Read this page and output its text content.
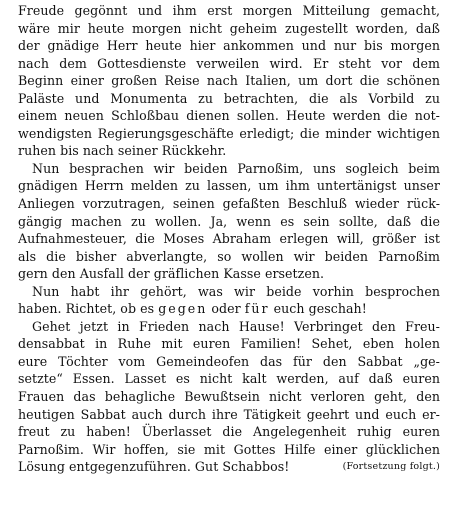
Freude gegönnt und ihm erst morgen Mitteilung gemacht,
wäre mir heute morgen nicht geheim zugestellt worden, daß
der gnädige Herr heute hier ankommen und nur bis morgen
nach dem Gottesdienste verweilen wird. Er steht vor dem
Beginn einer großen Reise nach Italien, um dort die schönen
Paläste und Monumenta zu betrachten, die als Vorbild zu
einem neuen Schloßbau dienen sollen. Heute werden die not-
wendigsten Regierungsgeschäfte erledigt; die minder wichtigen
ruhen bis nach seiner Rückkehr.
Nun besprachen wir beiden Parnoßim, uns sogleich beim
gnädigen Herrn melden zu lassen, um ihm untertänigst unser
Anliegen vorzutragen, seinen gefaßten Beschluß wieder rück-
gängig machen zu wollen. Ja, wenn es sein sollte, daß die
Aufnahmesteuer, die Moses Abraham erlegen will, größer ist
als die bisher abverlangte, so wollen wir beiden Parnoßim
gern den Ausfall der gräflichen Kasse ersetzen.
Nun habt ihr gehört, was wir beide vorhin besprochen
haben. Richtet, ob es gegen oder für euch geschah!
Gehet jetzt in Frieden nach Hause! Verbringet den Freu-
densabbat in Ruhe mit euren Familien! Sehet, eben holen
eure Töchter vom Gemeindeofen das für den Sabbat „ge-
setzte“ Essen. Lasset es nicht kalt werden, auf daß euren
Frauen das behagliche Bewußtsein nicht verloren geht, den
heutigen Sabbat auch durch ihre Tätigkeit geehrt und euch er-
freut zu haben! Überlasset die Angelegenheit ruhig euren
Parnoßim. Wir hoffen, sie mit Gottes Hilfe einer glücklichen
Lösung entgegenzuführen. Gut Schabbos!	(Fortsetzung folgt.)
